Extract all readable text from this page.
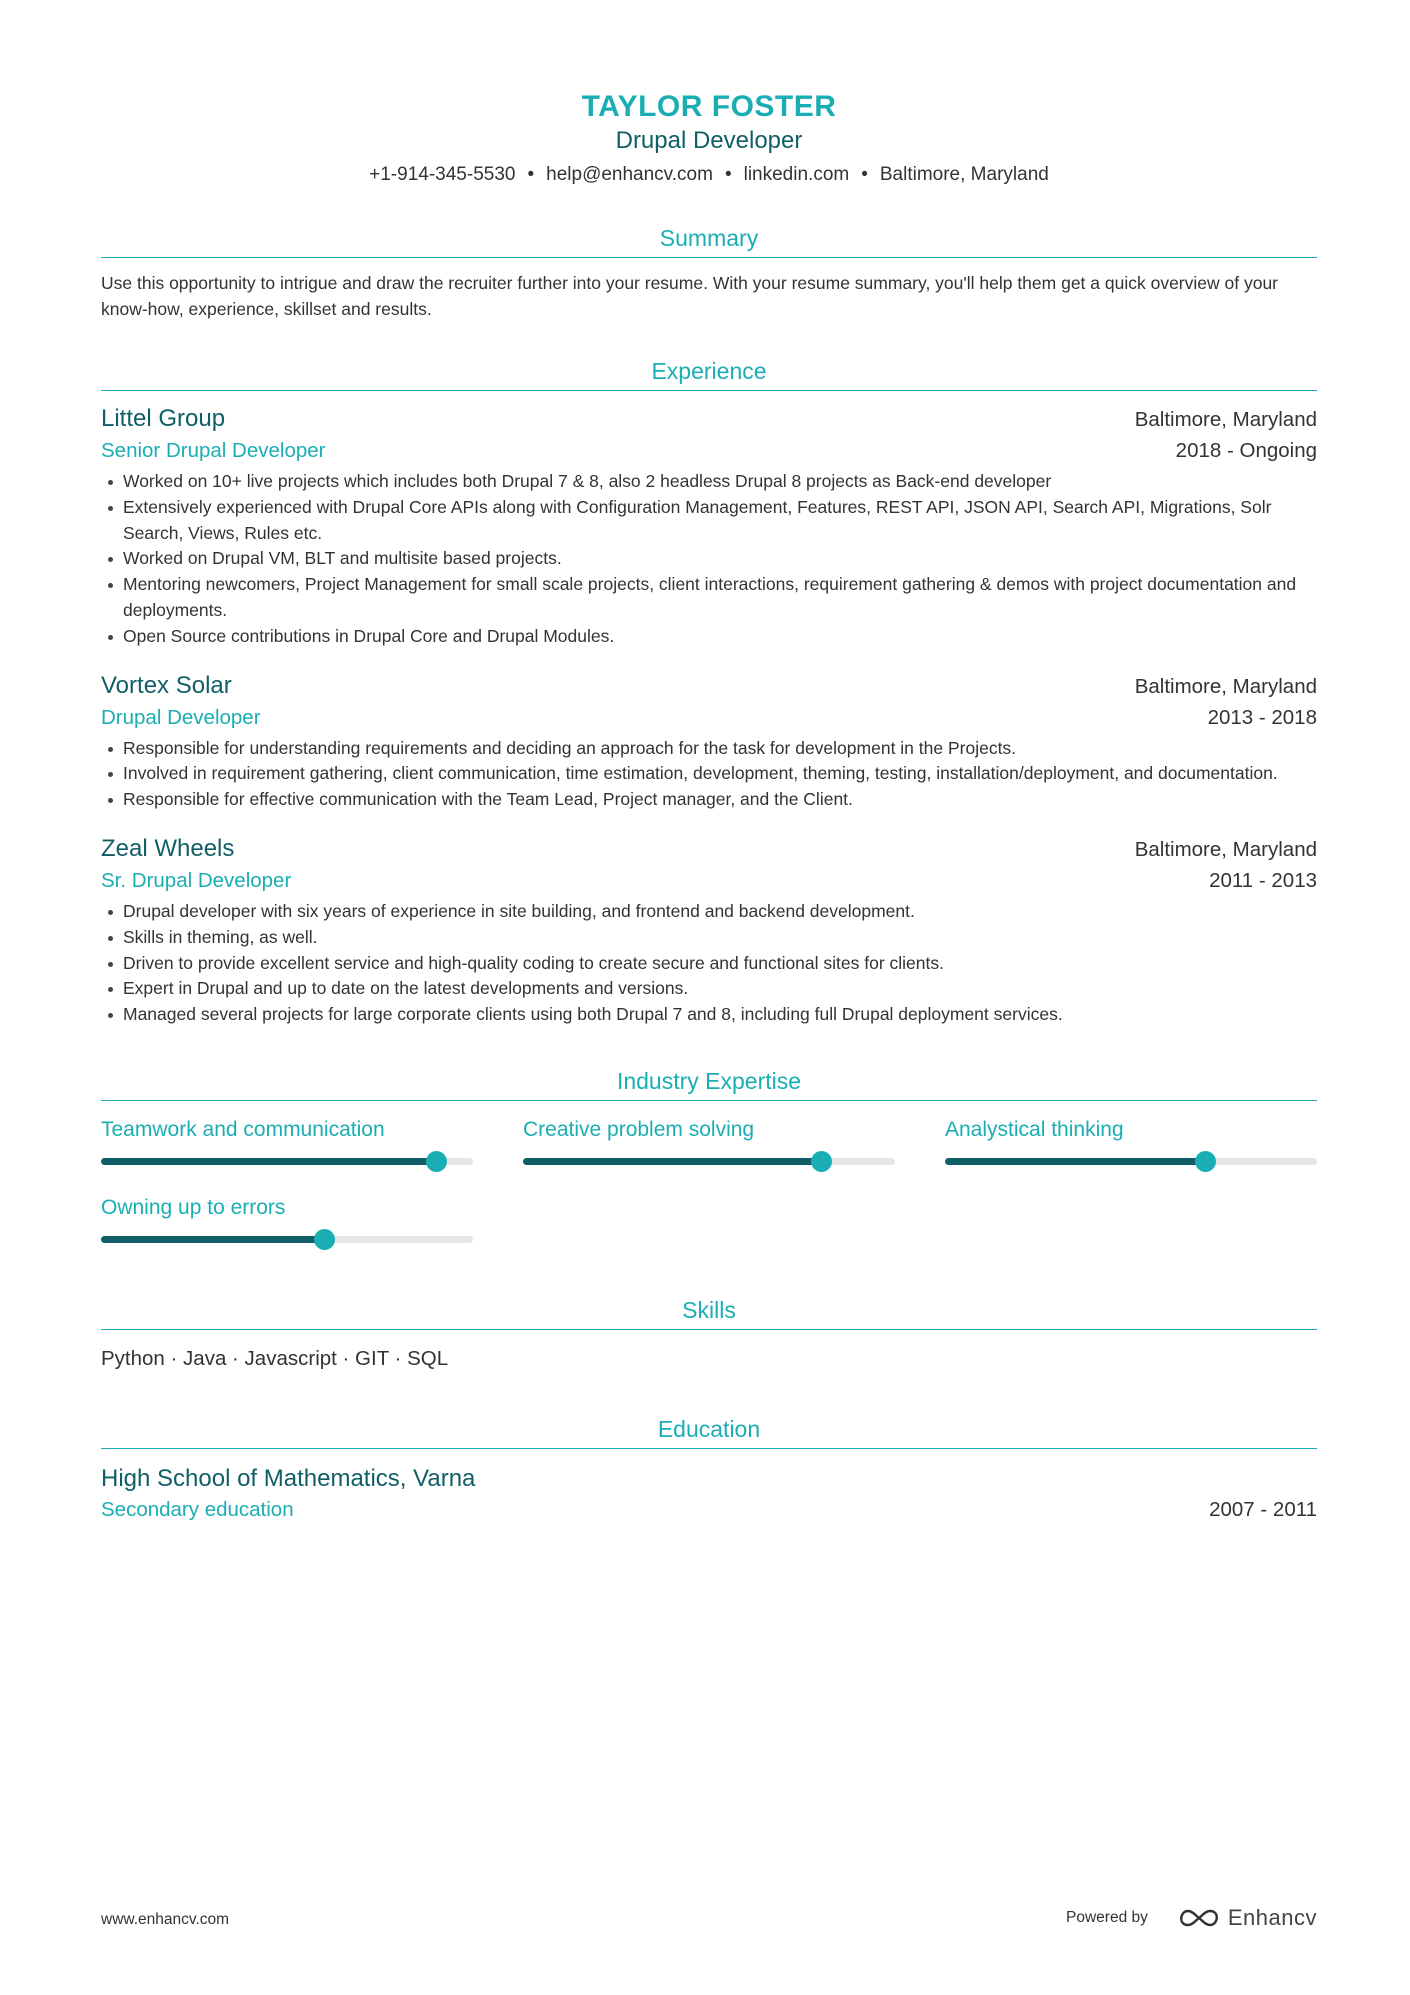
TAYLOR FOSTER
Drupal Developer
+1-914-345-5530 • help@enhancv.com • linkedin.com • Baltimore, Maryland
Summary
Use this opportunity to intrigue and draw the recruiter further into your resume. With your resume summary, you'll help them get a quick overview of your know-how, experience, skillset and results.
Experience
Littel Group	Baltimore, Maryland
Senior Drupal Developer	2018 - Ongoing
Worked on 10+ live projects which includes both Drupal 7 & 8, also 2 headless Drupal 8 projects as Back-end developer
Extensively experienced with Drupal Core APIs along with Configuration Management, Features, REST API, JSON API, Search API, Migrations, Solr Search, Views, Rules etc.
Worked on Drupal VM, BLT and multisite based projects.
Mentoring newcomers, Project Management for small scale projects, client interactions, requirement gathering & demos with project documentation and deployments.
Open Source contributions in Drupal Core and Drupal Modules.
Vortex Solar	Baltimore, Maryland
Drupal Developer	2013 - 2018
Responsible for understanding requirements and deciding an approach for the task for development in the Projects.
Involved in requirement gathering, client communication, time estimation, development, theming, testing, installation/deployment, and documentation.
Responsible for effective communication with the Team Lead, Project manager, and the Client.
Zeal Wheels	Baltimore, Maryland
Sr. Drupal Developer	2011 - 2013
Drupal developer with six years of experience in site building, and frontend and backend development.
Skills in theming, as well.
Driven to provide excellent service and high-quality coding to create secure and functional sites for clients.
Expert in Drupal and up to date on the latest developments and versions.
Managed several projects for large corporate clients using both Drupal 7 and 8, including full Drupal deployment services.
Industry Expertise
Teamwork and communication	Creative problem solving	Analystical thinking
Owning up to errors
Skills
Python · Java · Javascript · GIT · SQL
Education
High School of Mathematics, Varna
Secondary education	2007 - 2011
www.enhancv.com	Powered by	Enhancv
